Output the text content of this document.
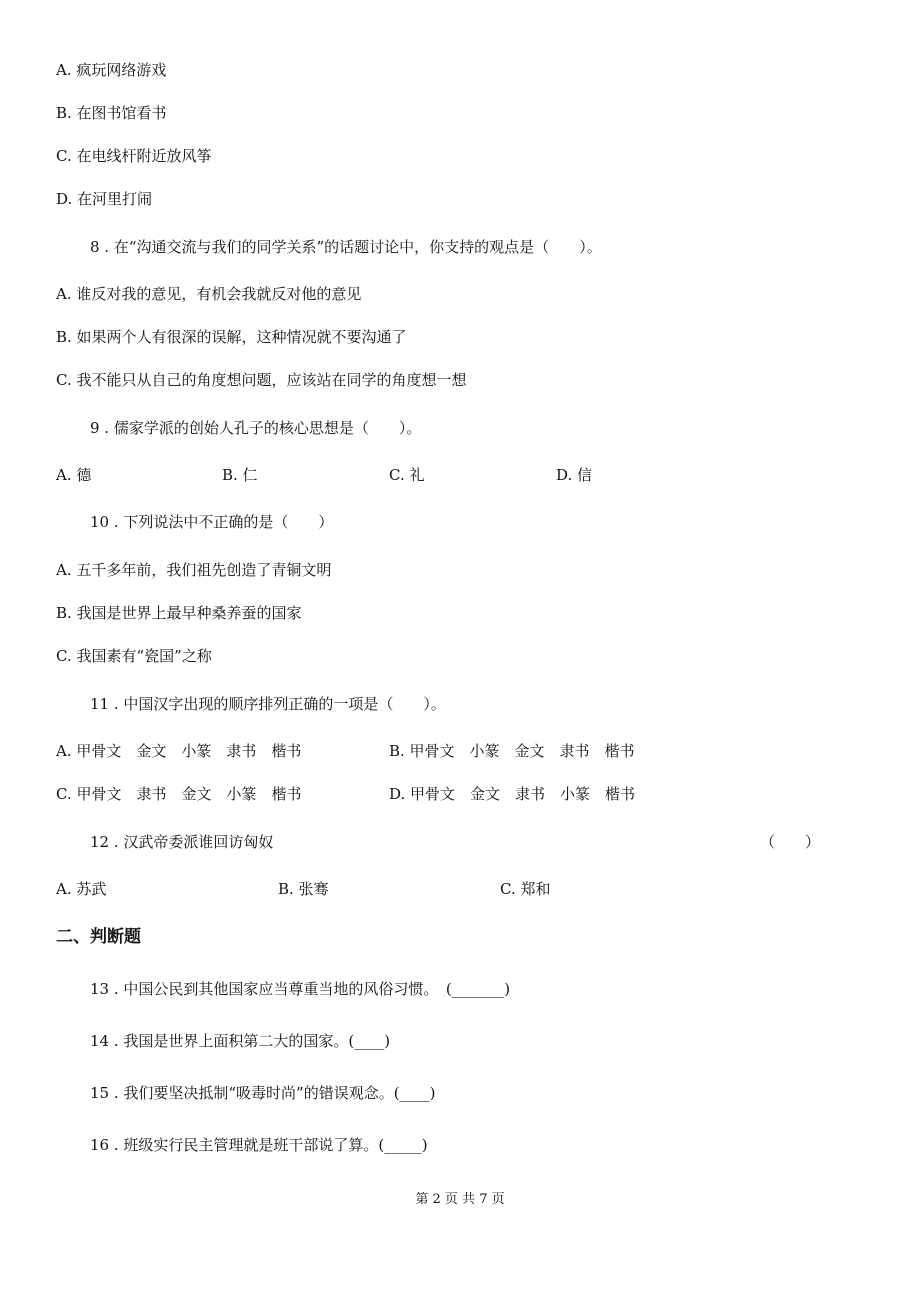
A. 疯玩网络游戏
B. 在图书馆看书
C. 在电线杆附近放风筝
D. 在河里打闹
8 . 在“沟通交流与我们的同学关系”的话题讨论中，你支持的观点是（　　）。
A. 谁反对我的意见，有机会我就反对他的意见
B. 如果两个人有很深的误解，这种情况就不要沟通了
C. 我不能只从自己的角度想问题，应该站在同学的角度想一想
9 . 儒家学派的创始人孔子的核心思想是（　　）。
A. 德	B. 仁	C. 礼	D. 信
10 . 下列说法中不正确的是（　　）
A. 五千多年前，我们祖先创造了青铜文明
B. 我国是世界上最早种桑养蚕的国家
C. 我国素有“瓷国”之称
11 . 中国汉字出现的顺序排列正确的一项是（　　）。
A. 甲骨文　金文　小篆　隶书　楷书	B. 甲骨文　小篆　金文　隶书　楷书
C. 甲骨文　隶书　金文　小篆　楷书	D. 甲骨文　金文　隶书　小篆　楷书
12 . 汉武帝委派谁回访匈奴	（　　）
A. 苏武	B. 张骞	C. 郑和
二、判断题
13 . 中国公民到其他国家应当尊重当地的风俗习惯。　(_______)
14 . 我国是世界上面积第二大的国家。(____)
15 . 我们要坚决抵制“吸毒时尚”的错误观念。(____)
16 . 班级实行民主管理就是班干部说了算。(_____)
第 2 页 共 7 页
